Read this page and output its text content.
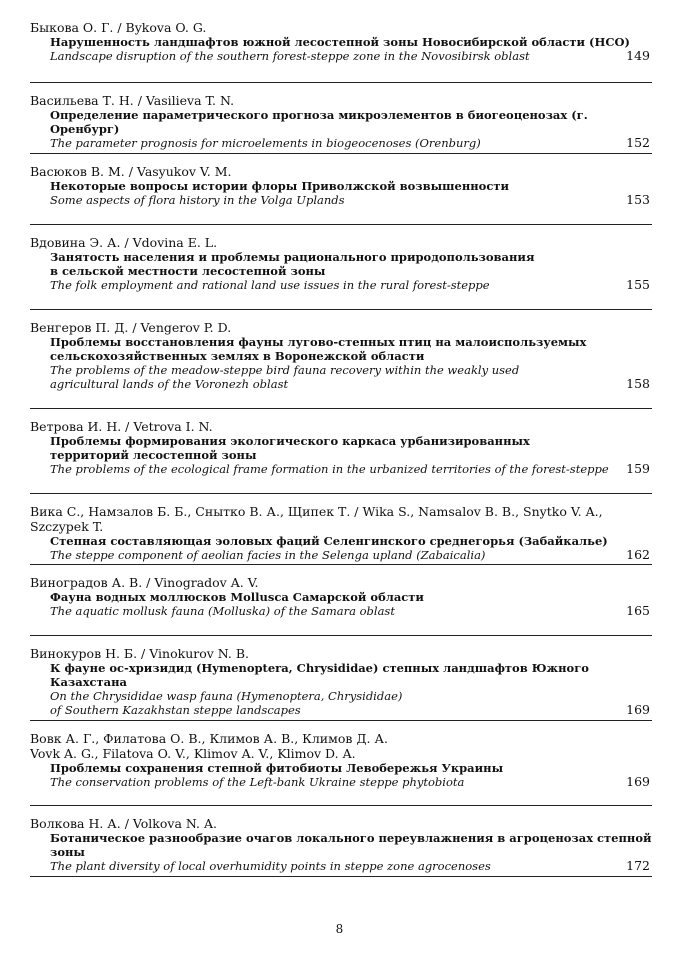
Быкова О. Г. / Bykova O. G.
Нарушенность ландшафтов южной лесостепной зоны Новосибирской области (НСО)
Landscape disruption of the southern forest-steppe zone in the Novosibirsk oblast	149
Васильева Т. Н. / Vasilieva T. N.
Определение параметрического прогноза микроэлементов в биогеоценозах (г. Оренбург)
The parameter prognosis for microelements in biogeocenoses (Orenburg)	152
Васюков В. М. / Vasyukov V. M.
Некоторые вопросы истории флоры Приволжской возвышенности
Some aspects of flora history in the Volga Uplands	153
Вдовина Э. А. / Vdovina E. L.
Занятость населения и проблемы рационального природопользования
в сельской местности лесостепной зоны
The folk employment and rational land use issues in the rural forest-steppe	155
Венгеров П. Д. / Vengerov P. D.
Проблемы восстановления фауны лугово-степных птиц на малоиспользуемых
сельскохозяйственных землях в Воронежской области
The problems of the meadow-steppe bird fauna recovery within the weakly used
agricultural lands of the Voronezh oblast	158
Ветрова И. Н. / Vetrova I. N.
Проблемы формирования экологического каркаса урбанизированных
территорий лесостепной зоны
The problems of the ecological frame formation in the urbanized territories of the forest-steppe 159
Вика С., Намзалов Б. Б., Снытко В. А., Щипек Т. / Wika S., Namsalov B. B., Snytko V. A., Szczypek T.
Степная составляющая эоловых фаций Селенгинского среднегорья (Забайкалье)
The steppe component of aeolian facies in the Selenga upland (Zabaicalia)	162
Виноградов А. В. / Vinogradov A. V.
Фауна водных моллюсков Mollusca Самарской области
The aquatic mollusk fauna (Molluska) of the Samara oblast	165
Винокуров Н. Б. / Vinokurov N. B.
К фауне ос-хризидид (Hymenoptera, Chrysididae) степных ландшафтов Южного Казахстана
On the Chrysididae wasp fauna (Hymenoptera, Chrysididae)
of Southern Kazakhstan steppe landscapes	169
Вовк А. Г., Филатова О. В., Климов А. В., Климов Д. А.
Vovk A. G., Filatova O. V., Klimov A. V., Klimov D. A.
Проблемы сохранения степной фитобиоты Левобережья Украины
The conservation problems of the Left-bank Ukraine steppe phytobiota	169
Волкова Н. А. / Volkova N. A.
Ботаническое разнообразие очагов локального переувлажнения в агроценозах степной зоны
The plant diversity of local overhumidity points in steppe zone agrocenoses	172
8
